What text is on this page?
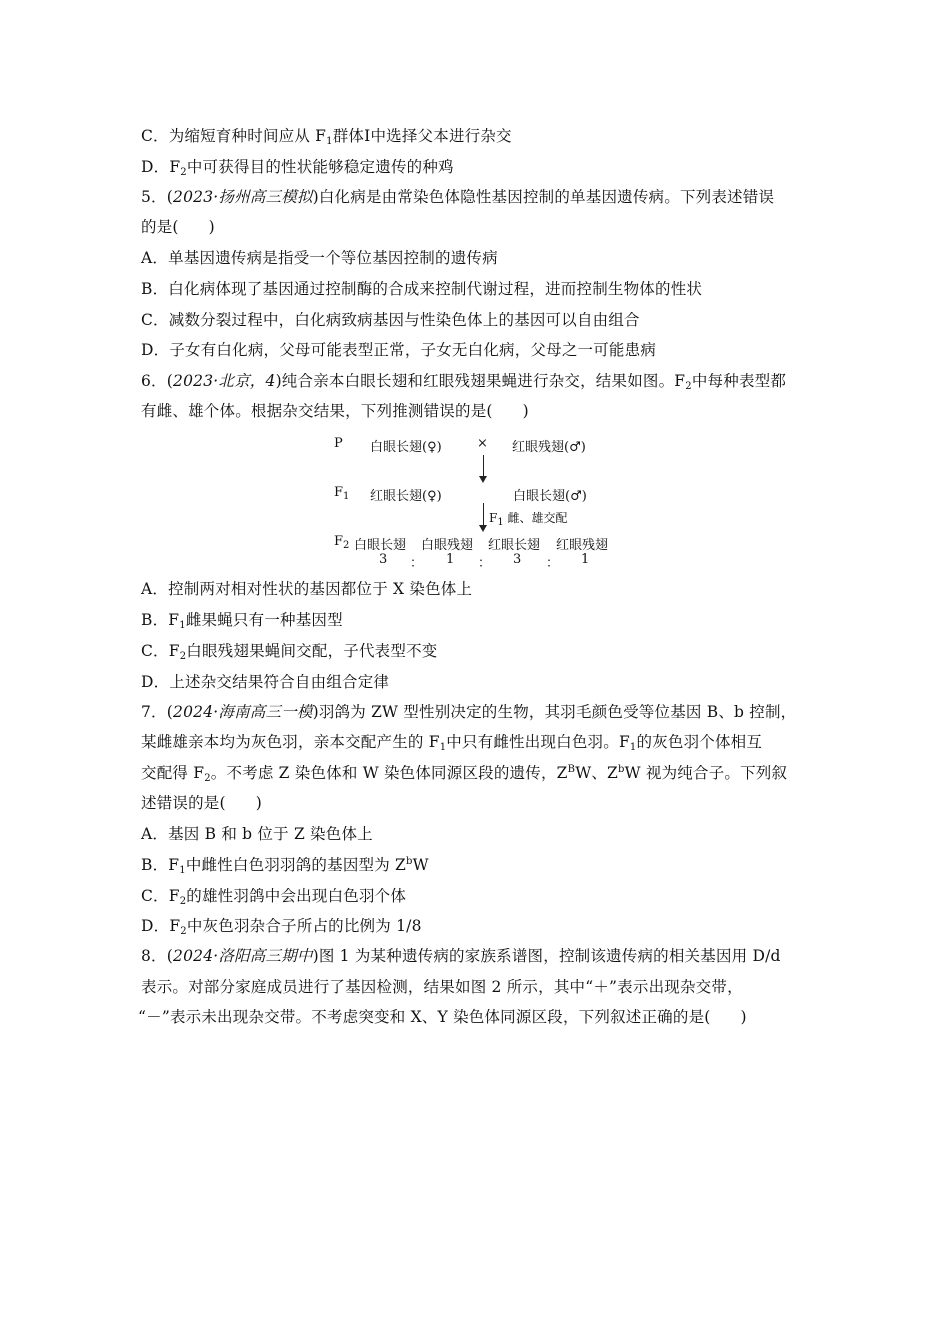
C．为缩短育种时间应从 $F_1$群体Ⅰ中选择父本进行杂交
D．$F_2$中可获得目的性状能够稳定遗传的种鸡
5．(2023·扬州高三模拟)白化病是由常染色体隐性基因控制的单基因遗传病。下列表述错误
的是( )
A．单基因遗传病是指受一个等位基因控制的遗传病
B．白化病体现了基因通过控制酶的合成来控制代谢过程，进而控制生物体的性状
C．减数分裂过程中，白化病致病基因与性染色体上的基因可以自由组合
D．子女有白化病，父母可能表型正常，子女无白化病，父母之一可能患病
6．(2023·北京，4)纯合亲本白眼长翅和红眼残翅果蝇进行杂交，结果如图。$F_2$中每种表型都
有雌、雄个体。根据杂交结果，下列推测错误的是( )
P 白眼长翅(♀)	× 红眼残翅(♂)
$F_1$ 红眼长翅(♀)	白眼长翅(♂)
$F_1$ 雌、雄交配
$F_2$ 白眼长翅 白眼残翅 红眼长翅 红眼残翅
3 ： 1 ： 3 ： 1
A．控制两对相对性状的基因都位于 X 染色体上
B．$F_1$雌果蝇只有一种基因型
C．$F_2$白眼残翅果蝇间交配，子代表型不变
D．上述杂交结果符合自由组合定律
7．(2024·海南高三一模)羽鸽为 ZW 型性别决定的生物，其羽毛颜色受等位基因 B、b 控制，
某雌雄亲本均为灰色羽，亲本交配产生的 $F_1$中只有雌性出现白色羽。$F_1$的灰色羽个体相互
交配得 $F_2$。不考虑 Z 染色体和 W 染色体同源区段的遗传，$Z^BW$、$Z^bW$ 视为纯合子。下列叙
述错误的是( )
A．基因 B 和 b 位于 Z 染色体上
B．$F_1$中雌性白色羽羽鸽的基因型为 $Z^bW$
C．$F_2$的雄性羽鸽中会出现白色羽个体
D．$F_2$中灰色羽杂合子所占的比例为 1/8
8．(2024·洛阳高三期中)图 1 为某种遗传病的家族系谱图，控制该遗传病的相关基因用 D/d
表示。对部分家庭成员进行了基因检测，结果如图 2 所示，其中“＋”表示出现杂交带，
“－”表示未出现杂交带。不考虑突变和 X、Y 染色体同源区段，下列叙述正确的是( )
